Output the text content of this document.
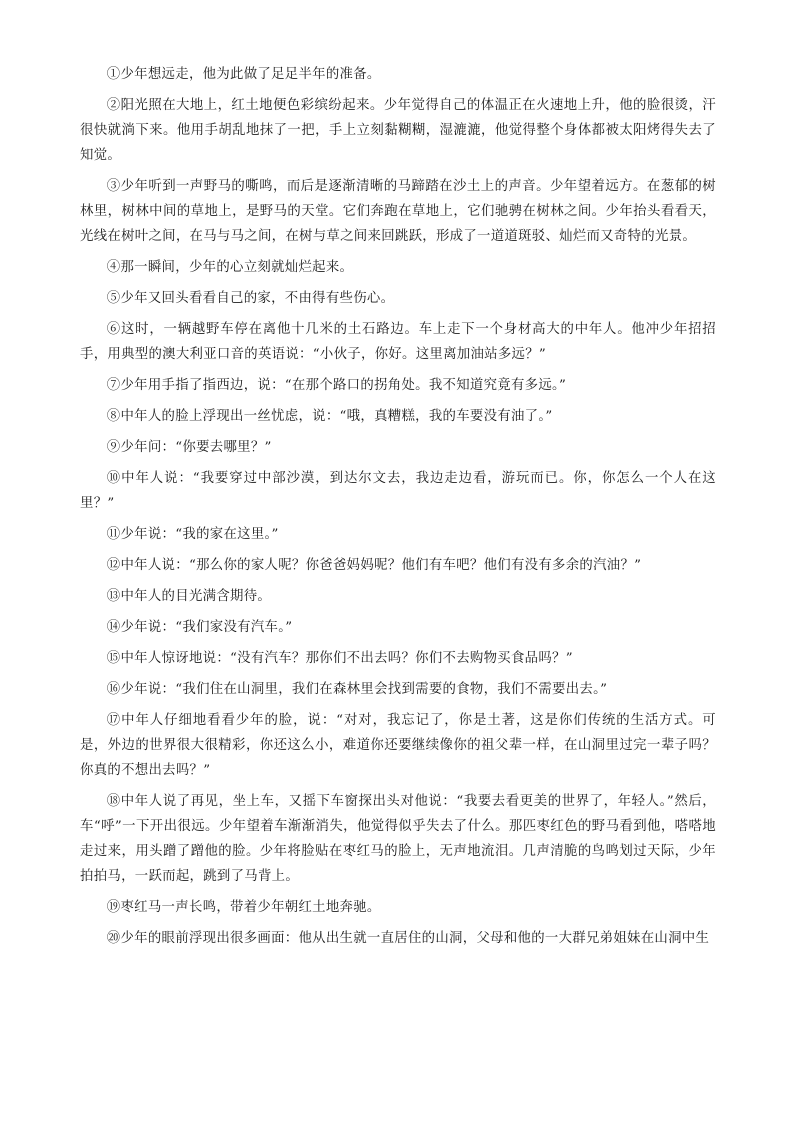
①少年想远走，他为此做了足足半年的准备。

②阳光照在大地上，红土地便色彩缤纷起来。少年觉得自己的体温正在火速地上升，他的脸很烫，汗很快就淌下来。他用手胡乱地抹了一把，手上立刻黏糊糊，湿漉漉，他觉得整个身体都被太阳烤得失去了知觉。

③少年听到一声野马的嘶鸣，而后是逐渐清晰的马蹄踏在沙土上的声音。少年望着远方。在葱郁的树林里，树林中间的草地上，是野马的天堂。它们奔跑在草地上，它们驰骋在树林之间。少年抬头看看天，光线在树叶之间，在马与马之间，在树与草之间来回跳跃，形成了一道道斑驳、灿烂而又奇特的光景。

④那一瞬间，少年的心立刻就灿烂起来。

⑤少年又回头看看自己的家，不由得有些伤心。

⑥这时，一辆越野车停在离他十几米的土石路边。车上走下一个身材高大的中年人。他冲少年招招手，用典型的澳大利亚口音的英语说：“小伙子，你好。这里离加油站多远？”

⑦少年用手指了指西边，说：“在那个路口的拐角处。我不知道究竟有多远。”

⑧中年人的脸上浮现出一丝忧虑，说：“哦，真糟糕，我的车要没有油了。”

⑨少年问：“你要去哪里？”

⑩中年人说：“我要穿过中部沙漠，到达尔文去，我边走边看，游玩而已。你，你怎么一个人在这里？”

⑪少年说：“我的家在这里。”

⑫中年人说：“那么你的家人呢？你爸爸妈妈呢？他们有车吧？他们有没有多余的汽油？”

⑬中年人的目光满含期待。

⑭少年说：“我们家没有汽车。”

⑮中年人惊讶地说：“没有汽车？那你们不出去吗？你们不去购物买食品吗？”

⑯少年说：“我们住在山洞里，我们在森林里会找到需要的食物，我们不需要出去。”

⑰中年人仔细地看看少年的脸，说：“对对，我忘记了，你是土著，这是你们传统的生活方式。可是，外边的世界很大很精彩，你还这么小，难道你还要继续像你的祖父辈一样，在山洞里过完一辈子吗？你真的不想出去吗？”

⑱中年人说了再见，坐上车，又摇下车窗探出头对他说：“我要去看更美的世界了，年轻人。”然后，车“呼”一下开出很远。少年望着车渐渐消失，他觉得似乎失去了什么。那匹枣红色的野马看到他，嗒嗒地走过来，用头蹭了蹭他的脸。少年将脸贴在枣红马的脸上，无声地流泪。几声清脆的鸟鸣划过天际，少年拍拍马，一跃而起，跳到了马背上。

⑲枣红马一声长鸣，带着少年朝红土地奔驰。

⑳少年的眼前浮现出很多画面：他从出生就一直居住的山洞，父母和他的一大群兄弟姐妹在山洞中生
